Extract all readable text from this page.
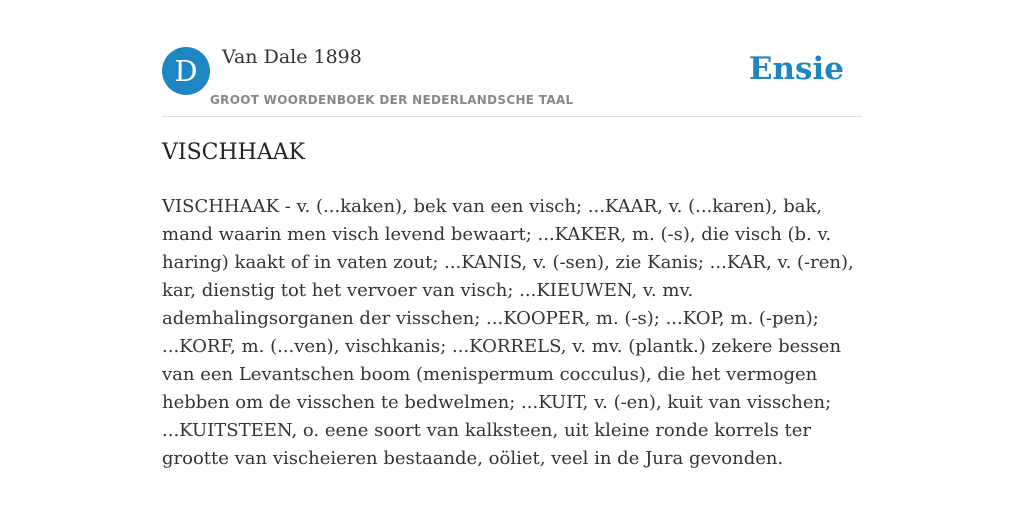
D	Van Dale 1898
GROOT WOORDENBOEK DER NEDERLANDSCHE TAAL
Ensie
VISCHHAAK

VISCHHAAK - v. (...kaken), bek van een visch; ...KAAR, v. (...karen), bak, mand waarin men visch levend bewaart; ...KAKER, m. (-s), die visch (b. v. haring) kaakt of in vaten zout; ...KANIS, v. (-sen), zie Kanis; ...KAR, v. (-ren), kar, dienstig tot het vervoer van visch; ...KIEUWEN, v. mv. ademhalingsorganen der visschen; ...KOOPER, m. (-s); ...KOP, m. (-pen); ...KORF, m. (...ven), vischkanis; ...KORRELS, v. mv. (plantk.) zekere bessen van een Levantschen boom (menispermum cocculus), die het vermogen hebben om de visschen te bedwelmen; ...KUIT, v. (-en), kuit van visschen; ...KUITSTEEN, o. eene soort van kalksteen, uit kleine ronde korrels ter grootte van vischeieren bestaande, oöliet, veel in de Jura gevonden.
